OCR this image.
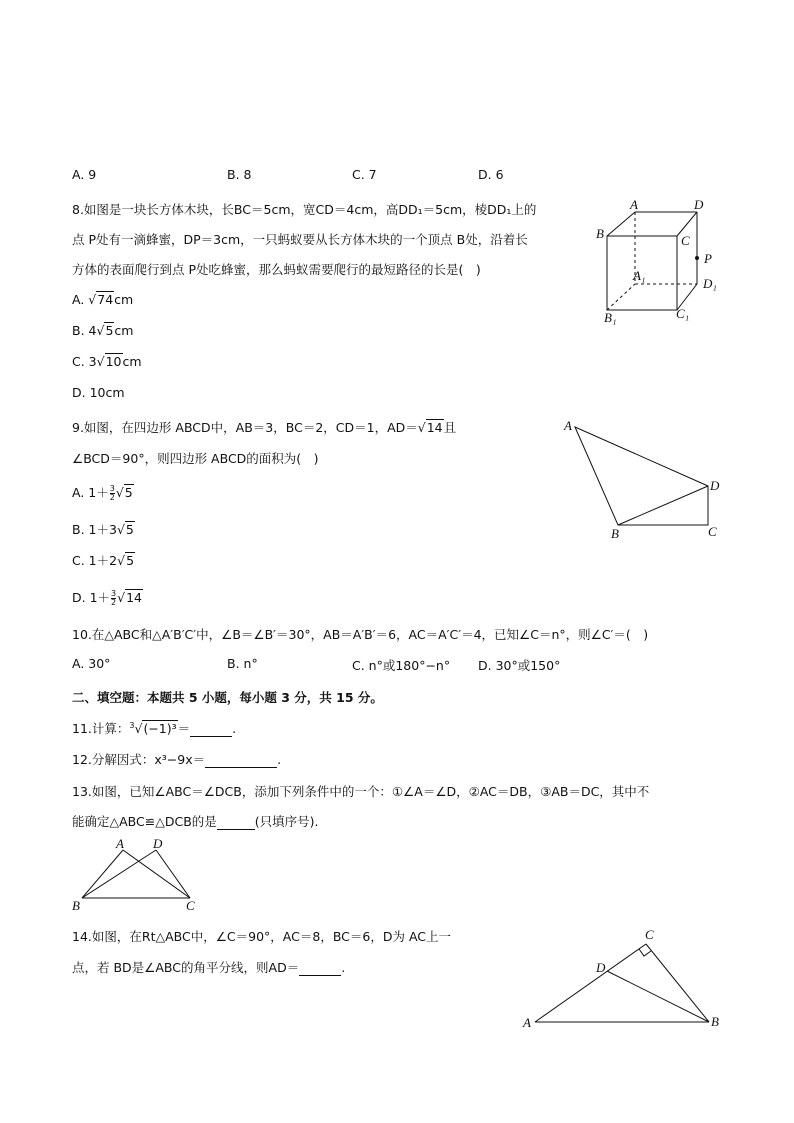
A. 9	B. 8	C. 7	D. 6
8.如图是一块长方体木块，长BC＝5cm，宽CD＝4cm，高DD₁＝5cm，棱DD₁上的
点 P处有一滴蜂蜜，DP＝3cm，一只蚂蚁要从长方体木块的一个顶点 B处，沿着长
方体的表面爬行到点 P处吃蜂蜜，那么蚂蚁需要爬行的最短路径的长是(　)
A. √74cm
B. 4√5cm
C. 3√10cm
D. 10cm
A	D
B	C
P
A₁
D₁
B₁	C₁
9.如图，在四边形 ABCD中，AB＝3，BC＝2，CD＝1，AD＝√14且
∠BCD＝90°，则四边形 ABCD的面积为(　)
A. $1+ \frac{3}{2} √5$
B. 1＋3√5
C. 1＋2√5
D. $1+ \frac{3}{2} √14$
A
B	C
D
10.在△ABC和△A′B′C′中，∠B＝∠B′＝30°，AB＝A′B′＝6，AC＝A′C′＝4，已知∠C＝n°，则∠C′＝(　)
A. 30°	B. n°	C. n°或180°−n° D. 30°或150°
二、填空题：本题共 5 小题，每小题 3 分，共 15 分。
11.计算：$^3$√(−1)³＝	.
12.分解因式：x³−9x＝	.
13.如图，已知∠ABC＝∠DCB，添加下列条件中的一个：①∠A＝∠D，②AC＝DB，③AB＝DC，其中不
能确定△ABC≌△DCB的是	(只填序号).
A D
B	C
14.如图，在Rt△ABC中，∠C＝90°，AC＝8，BC＝6，D为 AC上一
点，若 BD是∠ABC的角平分线，则AD＝	.
C
D
A	B
